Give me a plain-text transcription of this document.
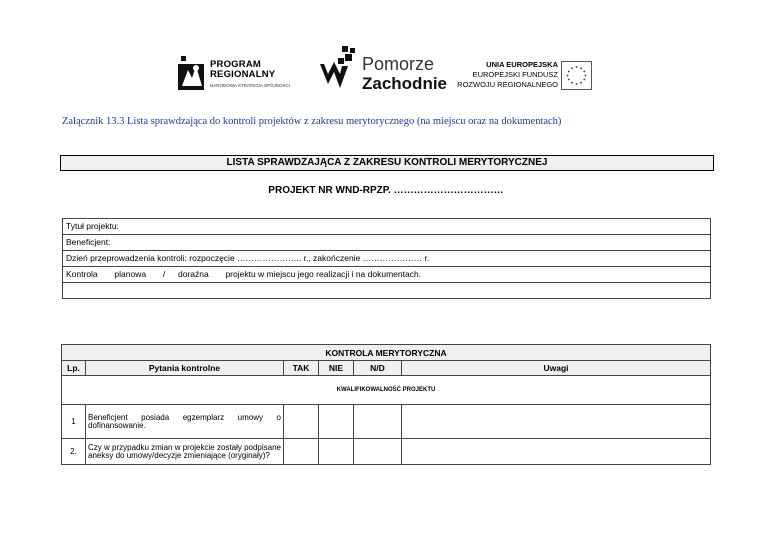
PROGRAM
REGIONALNY
NARODOWA STRATEGIA SPÓJNOŚCI
Pomorze
Zachodnie
UNIA EUROPEJSKA
EUROPEJSKI FUNDUSZ
ROZWOJU REGIONALNEGO
Załącznik 13.3 Lista sprawdzająca do kontroli projektów z zakresu merytorycznego (na miejscu oraz na dokumentach)
LISTA SPRAWDZAJĄCA Z ZAKRESU KONTROLI MERYTORYCZNEJ
PROJEKT NR WND-RPZP. ……………………………
Tytuł projektu:
Beneficjent:
Dzień przeprowadzenia kontroli: rozpoczęcie ………………….. r., zakończenie ………………… r.
Kontrola planowa / doraźna projektu w miejscu jego realizacji i na dokumentach.

KONTROLA MERYTORYCZNA					
Lp.	Pytania kontrolne	TAK	NIE	N/D	Uwagi
KWALIFIKOWALNOŚĆ PROJEKTU					
1	Beneficjent posiada egzemplarz umowy o dofinansowanie.				
2.	Czy w przypadku zmian w projekcie zostały podpisane aneksy do umowy/decyzje zmieniające (oryginały)?				
